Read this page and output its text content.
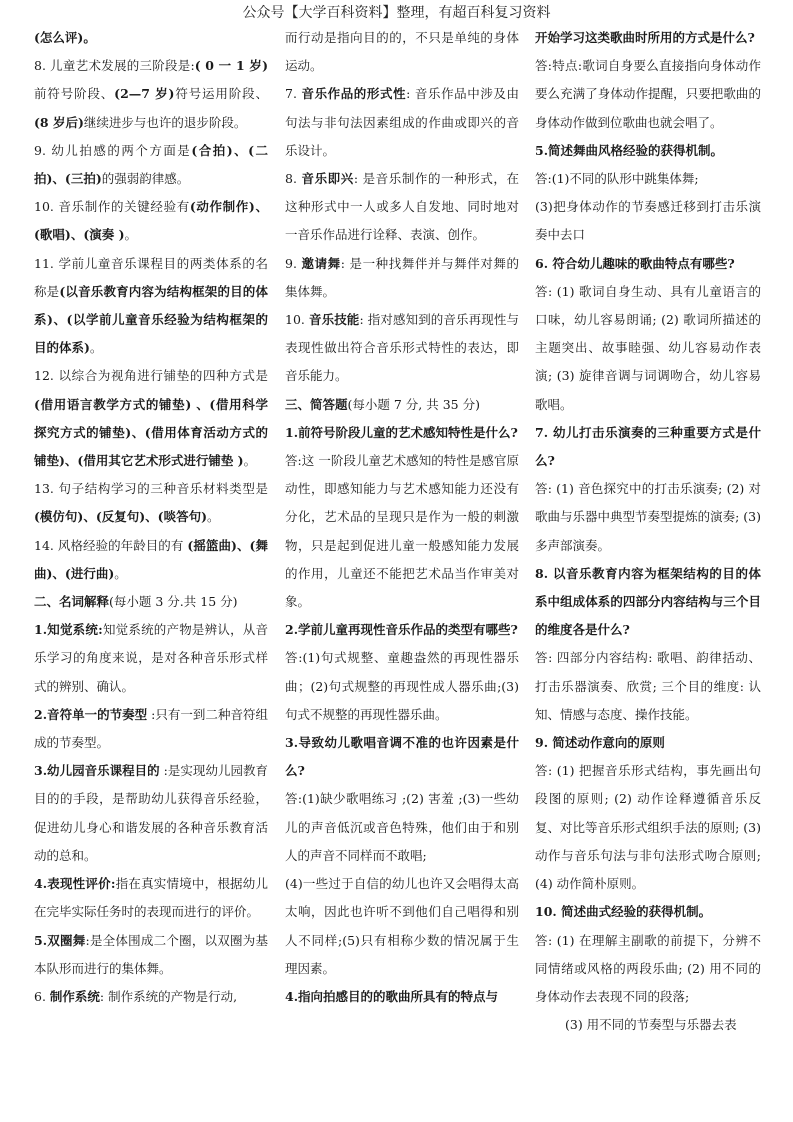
公众号【大学百科资料】整理，有超百科复习资料

(怎么评)。

8. 儿童艺术发展的三阶段是:( 0 一 1 岁)前符号阶段、(2—7 岁)符号运用阶段、(8 岁后)继续进步与也许的退步阶段。

9. 幼儿拍感的两个方面是(合拍)、(二拍)、(三拍)的强弱韵律感。

10. 音乐制作的关键经验有(动作制作)、(歌唱)、(演奏 )。

11. 学前儿童音乐课程目的两类体系的名称是(以音乐教育内容为结构框架的目的体系)、(以学前儿童音乐经验为结构框架的目的体系)。

12. 以综合为视角进行铺垫的四种方式是(借用语言教学方式的铺垫) 、(借用科学探究方式的铺垫)、(借用体育活动方式的铺垫)、(借用其它艺术形式进行铺垫 )。

13. 句子结构学习的三种音乐材料类型是(模仿句)、(反复句)、(啖答句)。

14. 风格经验的年龄目的有 (摇篮曲)、(舞曲)、(进行曲)。

二、名词解释(每小题 3 分.共 15 分)

1.知觉系统:知觉系统的产物是辨认，从音乐学习的角度来说，是对各种音乐形式样式的辨别、确认。

2.音符单一的节奏型 :只有一到二种音符组成的节奏型。

3.幼儿园音乐课程目的 :是实现幼儿园教育目的的手段，是帮助幼儿获得音乐经验，促进幼儿身心和谐发展的各种音乐教育活动的总和。

4.表现性评价:指在真实情境中，根据幼儿在完毕实际任务时的表现而进行的评价。

5.双圈舞:是全体围成二个圈，以双圈为基本队形而进行的集体舞。

6. 制作系统: 制作系统的产物是行动,

而行动是指向目的的，不只是单纯的身体运动。

7. 音乐作品的形式性: 音乐作品中涉及由句法与非句法因素组成的作曲或即兴的音乐设计。

8. 音乐即兴: 是音乐制作的一种形式，在这种形式中一人或多人自发地、同时地对一音乐作品进行诠释、表演、创作。

9. 邀请舞: 是一种找舞伴并与舞伴对舞的集体舞。

10. 音乐技能: 指对感知到的音乐再现性与表现性做出符合音乐形式特性的表达，即音乐能力。

三、简答题(每小题 7 分, 共 35 分)

1.前符号阶段儿童的艺术感知特性是什么?

答:这 一阶段儿童艺术感知的特性是感官原动性，即感知能力与艺术感知能力还没有分化，艺术品的呈现只是作为一般的刺激物，只是起到促进儿童一般感知能力发展的作用，儿童还不能把艺术品当作审美对象。

2.学前儿童再现性音乐作品的类型有哪些?

答:(1)句式规整、童趣盎然的再现性器乐曲；(2)句式规整的再现性成人器乐曲;(3)句式不规整的再现性器乐曲。

3.导致幼儿歌唱音调不准的也许因素是什么?

答:(1)缺少歌唱练习 ;(2) 害羞 ;(3)一些幼儿的声音低沉或音色特殊，他们由于和别人的声音不同样而不敢唱;

(4)一些过于自信的幼儿也许又会唱得太高太响，因此也许听不到他们自己唱得和别人不同样;(5)只有相称少数的情况属于生理因素。

4.指向拍感目的的歌曲所具有的特点与

开始学习这类歌曲时所用的方式是什么?

答:特点:歌词自身要么直接指向身体动作要么充满了身体动作提醒，只要把歌曲的身体动作做到位歌曲也就会唱了。

5.简述舞曲风格经验的获得机制。

答:(1)不同的队形中跳集体舞;

(3)把身体动作的节奏感迁移到打击乐演奏中去口

6. 符合幼儿趣味的歌曲特点有哪些?

答: (1) 歌词自身生动、具有儿童语言的口味，幼儿容易朗诵; (2) 歌词所描述的主题突出、故事睦强、幼儿容易动作表演; (3) 旋律音调与词调吻合，幼儿容易歌唱。

7. 幼儿打击乐演奏的三种重要方式是什么?

答: (1) 音色探究中的打击乐演奏; (2) 对歌曲与乐器中典型节奏型提炼的演奏; (3) 多声部演奏。

8. 以音乐教育内容为框架结构的目的体系中组成体系的四部分内容结构与三个目的维度各是什么?

答: 四部分内容结构: 歌唱、韵律括动、打击乐器演奏、欣赏; 三个目的维度: 认知、情感与态度、操作技能。

9. 简述动作意向的原则

答: (1) 把握音乐形式结构，事先画出句段图的原则; (2) 动作诠释遵循音乐反复、对比等音乐形式组织手法的原则; (3) 动作与音乐句法与非句法形式吻合原则; (4) 动作简朴原则。

10. 简述曲式经验的获得机制。

答: (1) 在理解主副歌的前提下，分辨不同情绪或风格的两段乐曲; (2) 用不同的身体动作去表现不同的段落;

(3) 用不同的节奏型与乐器去表
